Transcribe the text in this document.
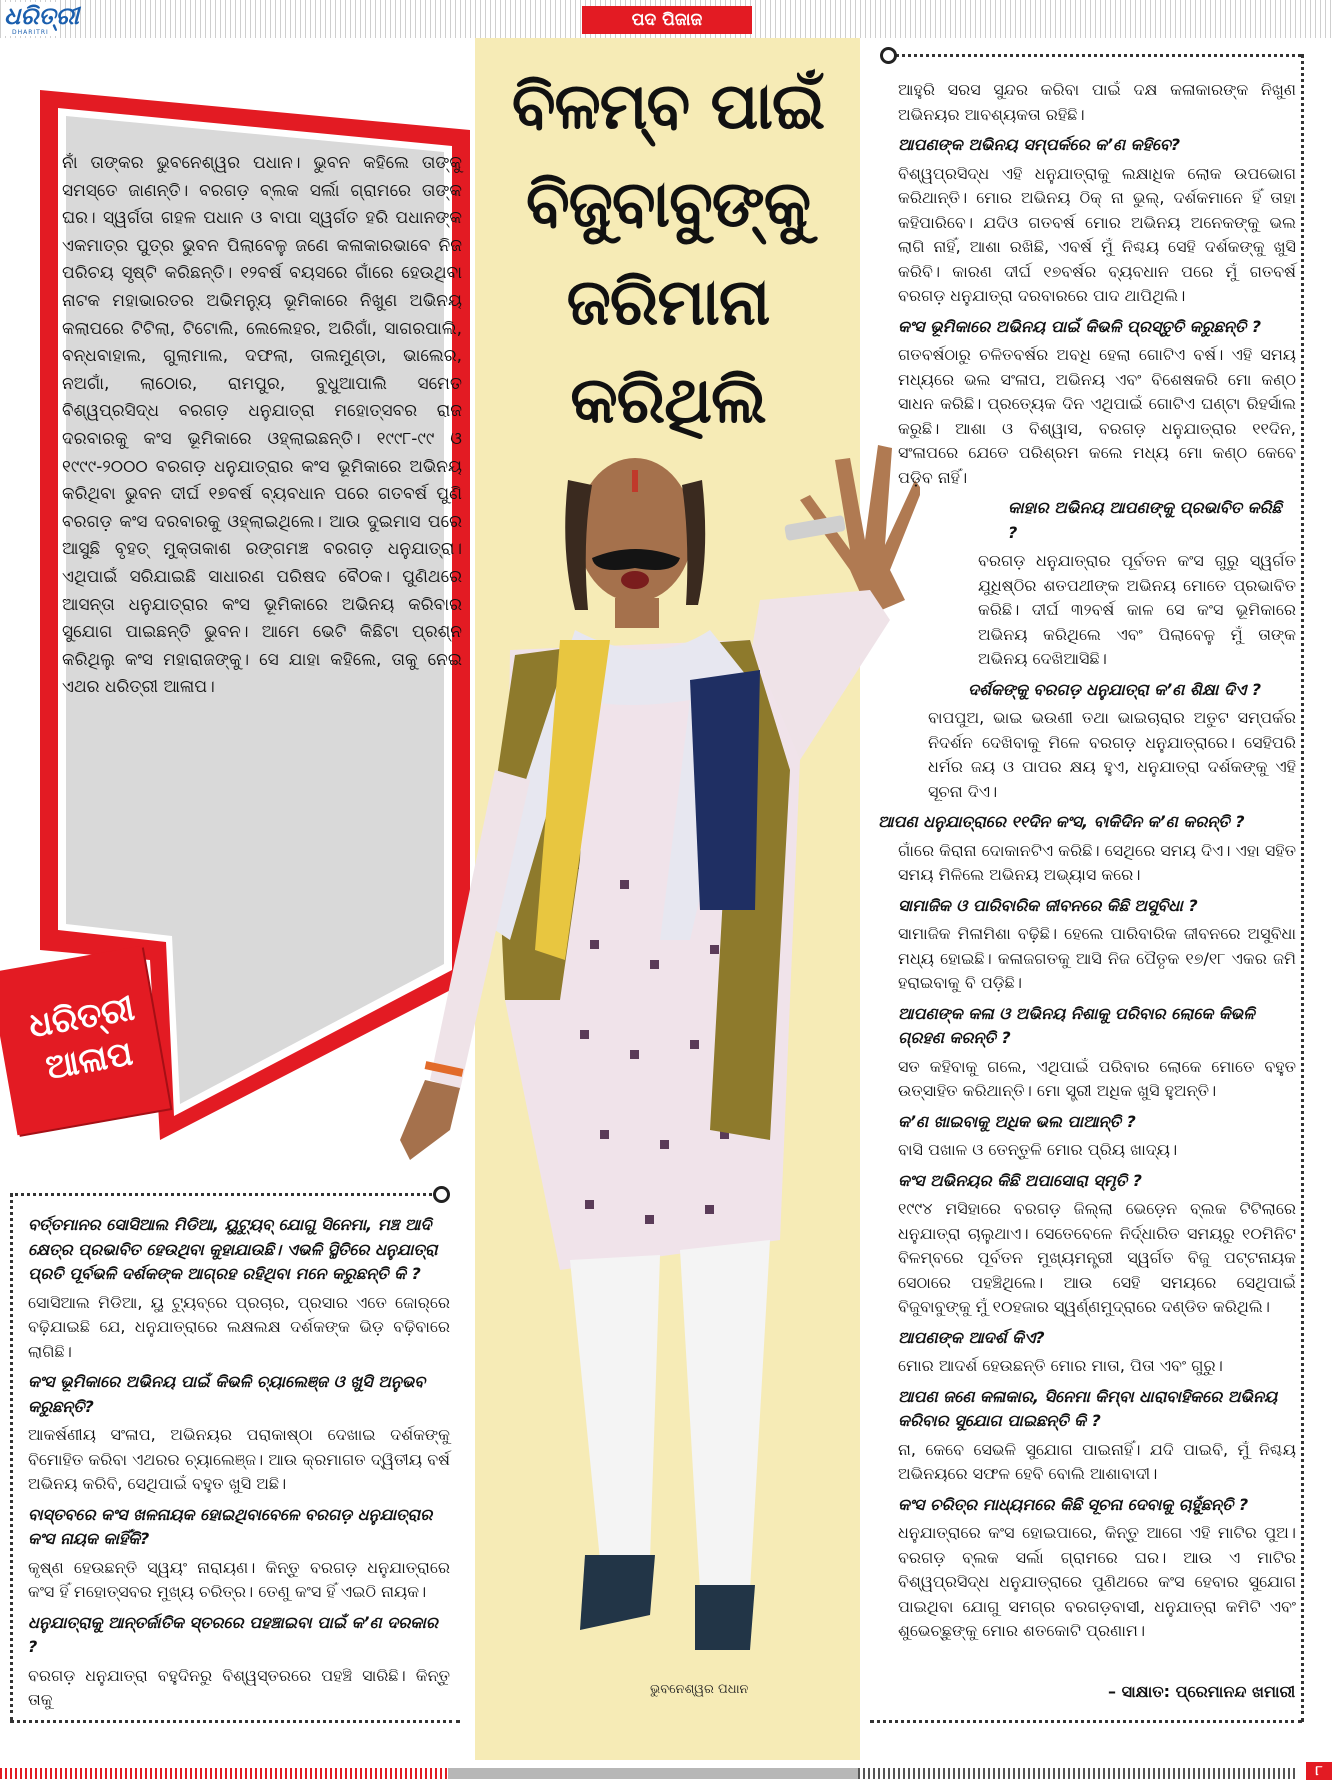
ଧରିତ୍ରୀ
DHARITRI
ପଦ ପିଜାଜ
ବିଳମ୍ବ ପାଇଁ
ବିଜୁବାବୁଙ୍କୁ
ଜରିମାନା
କରିଥିଲି

ନାଁ ତାଙ୍କର ଭୁବନେଶ୍ୱର ପଧାନ। ଭୁବନ କହିଲେ ତାଙ୍କୁ ସମସ୍ତେ ଜାଣନ୍ତି। ବରଗଡ଼ ବ୍ଲକ ସର୍ଲା ଗ୍ରାମରେ ତାଙ୍କ ଘର। ସ୍ୱର୍ଗତା ଗହଳ ପଧାନ ଓ ବାପା ସ୍ୱର୍ଗତ ହରି ପଧାନଙ୍କ ଏକମାତ୍ର ପୁତ୍ର ଭୁବନ ପିଲାବେଳୁ ଜଣେ କଳାକାରଭାବେ ନିଜ ପରିଚୟ ସୃଷ୍ଟି କରିଛନ୍ତି। ୧୨ବର୍ଷ ବୟସରେ ଗାଁରେ ହେଉଥିବା ନାଟକ ମହାଭାରତର ଅଭିମନ୍ୟୁ ଭୂମିକାରେ ନିଖୁଣ ଅଭିନୟ କଲାପରେ ଟିଟିଲା, ଟିଟୋଲି, ଲେଲେହର, ଅରିଗାଁ, ସାଗରପାଲି, ବନ୍ଧବାହାଲ, ଗୁଲାମାଲ, ଦଫଲା, ତାଲମୁଣ୍ଡା, ଭାଲେର, ନଅଗାଁ, ଲାଠୋର, ରାମପୁର, ବୁଧୁଆପାଲି ସମେତ ବିଶ୍ୱପ୍ରସିଦ୍ଧ ବରଗଡ଼ ଧନୁଯାତ୍ରା ମହୋତ୍ସବର ରାଜ ଦରବାରକୁ କଂସ ଭୂମିକାରେ ଓହ୍ଲାଇଛନ୍ତି। ୧୯୯୮-୯୯ ଓ ୧୯୯୯-୨୦୦୦ ବରଗଡ଼ ଧନୁଯାତ୍ରାର କଂସ ଭୂମିକାରେ ଅଭିନୟ କରିଥିବା ଭୁବନ ଦୀର୍ଘ ୧୭ବର୍ଷ ବ୍ୟବଧାନ ପରେ ଗତବର୍ଷ ପୁଣି ବରଗଡ଼ କଂସ ଦରବାରକୁ ଓହ୍ଲାଇଥିଲେ। ଆଉ ଦୁଇମାସ ପରେ ଆସୁଛି ବୃହତ୍ ମୁକ୍ତାକାଶ ରଙ୍ଗମଞ୍ଚ ବରଗଡ଼ ଧନୁଯାତ୍ରା। ଏଥିପାଇଁ ସରିଯାଇଛି ସାଧାରଣ ପରିଷଦ ବୈଠକ। ପୁଣିଥରେ ଆସନ୍ତା ଧନୁଯାତ୍ରାର କଂସ ଭୂମିକାରେ ଅଭିନୟ କରିବାର ସୁଯୋଗ ପାଇଛନ୍ତି ଭୁବନ। ଆମେ ଭେଟି କିଛିଟା ପ୍ରଶ୍ନ କରିଥିଲୁ କଂସ ମହାରାଜଙ୍କୁ। ସେ ଯାହା କହିଲେ, ତାକୁ ନେଇ ଏଥର ଧରିତ୍ରୀ ଆଳାପ।

ଭୁବନେଶ୍ୱର ପଧାନ
ଧରିତ୍ରୀ
ଆଳାପ
ଆହୁରି ସରସ ସୁନ୍ଦର କରିବା ପାଇଁ ଦକ୍ଷ କଳାକାରଙ୍କ ନିଖୁଣ ଅଭିନୟର ଆବଶ୍ୟକତା ରହିଛି।
ଆପଣଙ୍କ ଅଭିନୟ ସମ୍ପର୍କରେ କ’ଣ କହିବେ?
ବିଶ୍ୱପ୍ରସିଦ୍ଧ ଏହି ଧନୁଯାତ୍ରାକୁ ଲକ୍ଷାଧିକ ଲୋକ ଉପଭୋଗ କରିଥାନ୍ତି। ମୋର ଅଭିନୟ ଠିକ୍ ନା ଭୁଲ୍, ଦର୍ଶକମାନେ ହିଁ ତାହା କହିପାରିବେ। ଯଦିଓ ଗତବର୍ଷ ମୋର ଅଭିନୟ ଅନେକଙ୍କୁ ଭଲ ଲାଗି ନାହିଁ, ଆଶା ରଖିଛି, ଏବର୍ଷ ମୁଁ ନିଶ୍ଚୟ ସେହି ଦର୍ଶକଙ୍କୁ ଖୁସି କରିବି। କାରଣ ଦୀର୍ଘ ୧୭ବର୍ଷର ବ୍ୟବଧାନ ପରେ ମୁଁ ଗତବର୍ଷ ବରଗଡ଼ ଧନୁଯାତ୍ରା ଦରବାରରେ ପାଦ ଥାପିଥିଲି।
କଂସ ଭୂମିକାରେ ଅଭିନୟ ପାଇଁ କିଭଳି ପ୍ରସ୍ତୁତି କରୁଛନ୍ତି ?
ଗତବର୍ଷଠାରୁ ଚଳିତବର୍ଷର ଅବଧି ହେଲା ଗୋଟିଏ ବର୍ଷ। ଏହି ସମୟ ମଧ୍ୟରେ ଭଲ ସଂଳାପ, ଅଭିନୟ ଏବଂ ବିଶେଷକରି ମୋ କଣ୍ଠ ସାଧନ କରିଛି। ପ୍ରତ୍ୟେକ ଦିନ ଏଥିପାଇଁ ଗୋଟିଏ ଘଣ୍ଟା ରିହର୍ସାଲ କରୁଛି। ଆଶା ଓ ବିଶ୍ୱାସ, ବରଗଡ଼ ଧନୁଯାତ୍ରାର ୧୧ଦିନ, ସଂଳାପରେ ଯେତେ ପରିଶ୍ରମ କଲେ ମଧ୍ୟ ମୋ କଣ୍ଠ କେବେ ପଡ଼ିବ ନାହିଁ।
କାହାର ଅଭିନୟ ଆପଣଙ୍କୁ ପ୍ରଭାବିତ କରିଛି ?
ବରଗଡ଼ ଧନୁଯାତ୍ରାର ପୂର୍ବତନ କଂସ ଗୁରୁ ସ୍ୱର୍ଗତ ଯୁଧିଷ୍ଠିର ଶତପଥୀଙ୍କ ଅଭିନୟ ମୋତେ ପ୍ରଭାବିତ କରିଛି। ଦୀର୍ଘ ୩୨ବର୍ଷ କାଳ ସେ କଂସ ଭୂମିକାରେ ଅଭିନୟ କରିଥିଲେ ଏବଂ ପିଲାବେଳୁ ମୁଁ ତାଙ୍କ ଅଭିନୟ ଦେଖିଆସିଛି।
ଦର୍ଶକଙ୍କୁ ବରଗଡ଼ ଧନୁଯାତ୍ରା କ’ଣ ଶିକ୍ଷା ଦିଏ ?
ବାପପୁଅ, ଭାଇ ଭଉଣୀ ତଥା ଭାଇଚାରାର ଅତୁଟ ସମ୍ପର୍କର ନିଦର୍ଶନ ଦେଖିବାକୁ ମିଳେ ବରଗଡ଼ ଧନୁଯାତ୍ରାରେ। ସେହିପରି ଧର୍ମର ଜୟ ଓ ପାପର କ୍ଷୟ ହୁଏ, ଧନୁଯାତ୍ରା ଦର୍ଶକଙ୍କୁ ଏହି ସୂଚନା ଦିଏ।
ଆପଣ ଧନୁଯାତ୍ରାରେ ୧୧ଦିନ କଂସ, ବାକିଦିନ କ’ଣ କରନ୍ତି ?
ଗାଁରେ କିରାନା ଦୋକାନଟିଏ କରିଛି। ସେଥିରେ ସମୟ ଦିଏ। ଏହା ସହିତ ସମୟ ମିଳିଲେ ଅଭିନୟ ଅଭ୍ୟାସ କରେ।
ସାମାଜିକ ଓ ପାରିବାରିକ ଜୀବନରେ କିଛି ଅସୁବିଧା ?
ସାମାଜିକ ମିଳାମିଶା ବଢ଼ିଛି। ହେଲେ ପାରିବାରିକ ଜୀବନରେ ଅସୁବିଧା ମଧ୍ୟ ହୋଇଛି। କଳାଜଗତକୁ ଆସି ନିଜ ପୈତୃକ ୧୭/୧୮ ଏକର ଜମି ହରାଇବାକୁ ବି ପଡ଼ିଛି।
ଆପଣଙ୍କ କଳା ଓ ଅଭିନୟ ନିଶାକୁ ପରିବାର ଲୋକେ କିଭଳି ଗ୍ରହଣ କରନ୍ତି ?
ସତ କହିବାକୁ ଗଲେ, ଏଥିପାଇଁ ପରିବାର ଲୋକେ ମୋତେ ବହୁତ ଉତ୍ସାହିତ କରିଥାନ୍ତି। ମୋ ସ୍ତ୍ରୀ ଅଧିକ ଖୁସି ହୁଅନ୍ତି।
କ’ଣ ଖାଇବାକୁ ଅଧିକ ଭଲ ପାଆନ୍ତି ?
ବାସି ପଖାଳ ଓ ତେନ୍ତୁଳି ମୋର ପ୍ରିୟ ଖାଦ୍ୟ।
କଂସ ଅଭିନୟର କିଛି ଅପାସୋରା ସ୍ମୃତି ?
୧୯୯୪ ମସିହାରେ ବରଗଡ଼ ଜିଲ୍ଲା ଭେଡ଼େନ ବ୍ଲକ ଟିଟିଲାରେ ଧନୁଯାତ୍ରା ଚାଲୁଥାଏ। ସେତେବେଳେ ନିର୍ଦ୍ଧାରିତ ସମୟରୁ ୧୦ମିନିଟ ବିଳମ୍ବରେ ପୂର୍ବତନ ମୁଖ୍ୟମନ୍ତ୍ରୀ ସ୍ୱର୍ଗତ ବିଜୁ ପଟ୍ଟନାୟକ ସେଠାରେ ପହଞ୍ଚିଥିଲେ। ଆଉ ସେହି ସମୟରେ ସେଥିପାଇଁ ବିଜୁବାବୁଙ୍କୁ ମୁଁ ୧୦ହଜାର ସ୍ୱର୍ଣ୍ଣମୁଦ୍ରାରେ ଦଣ୍ଡିତ କରିଥିଲି।
ଆପଣଙ୍କ ଆଦର୍ଶ କିଏ?
ମୋର ଆଦର୍ଶ ହେଉଛନ୍ତି ମୋର ମାତା, ପିତା ଏବଂ ଗୁରୁ।
ଆପଣ ଜଣେ କଳାକାର, ସିନେମା କିମ୍ବା ଧାରାବାହିକରେ ଅଭିନୟ କରିବାର ସୁଯୋଗ ପାଇଛନ୍ତି କି ?
ନା, କେବେ ସେଭଳି ସୁଯୋଗ ପାଇନାହିଁ। ଯଦି ପାଇବି, ମୁଁ ନିଶ୍ଚୟ ଅଭିନୟରେ ସଫଳ ହେବି ବୋଲି ଆଶାବାଦୀ।
କଂସ ଚରିତ୍ର ମାଧ୍ୟମରେ କିଛି ସୂଚନା ଦେବାକୁ ଚାହୁଁଛନ୍ତି ?
ଧନୁଯାତ୍ରାରେ କଂସ ହୋଇପାରେ, କିନ୍ତୁ ଆଗେ ଏହି ମାଟିର ପୁଅ। ବରଗଡ଼ ବ୍ଲକ ସର୍ଲା ଗ୍ରାମରେ ଘର। ଆଉ ଏ ମାଟିର ବିଶ୍ୱପ୍ରସିଦ୍ଧ ଧନୁଯାତ୍ରାରେ ପୁଣିଥରେ କଂସ ହେବାର ସୁଯୋଗ ପାଇଥିବା ଯୋଗୁ ସମଗ୍ର ବରଗଡ଼ବାସୀ, ଧନୁଯାତ୍ରା କମିଟି ଏବଂ ଶୁଭେଚ୍ଛୁଙ୍କୁ ମୋର ଶତକୋଟି ପ୍ରଣାମ।
– ସାକ୍ଷାତ: ପ୍ରେମାନନ୍ଦ ଖମାରୀ
ବର୍ତ୍ତମାନର ସୋସିଆଲ ମିଡିଆ, ୟୁଟ୍ୟୁବ୍ ଯୋଗୁ ସିନେମା, ମଞ୍ଚ ଆଦି କ୍ଷେତ୍ର ପ୍ରଭାବିତ ହେଉଥିବା କୁହାଯାଉଛି। ଏଭଳି ସ୍ଥିତିରେ ଧନୁଯାତ୍ରା ପ୍ରତି ପୂର୍ବଭଳି ଦର୍ଶକଙ୍କ ଆଗ୍ରହ ରହିଥିବା ମନେ କରୁଛନ୍ତି କି ?
ସୋସିଆଲ ମିଡିଆ, ୟୁ ଟ୍ୟୁବ୍‌ରେ ପ୍ରଚାର, ପ୍ରସାର ଏତେ ଜୋର୍‌ରେ ବଢ଼ିଯାଇଛି ଯେ, ଧନୁଯାତ୍ରାରେ ଲକ୍ଷଲକ୍ଷ ଦର୍ଶକଙ୍କ ଭିଡ଼ ବଢ଼ିବାରେ ଲାଗିଛି।
କଂସ ଭୂମିକାରେ ଅଭିନୟ ପାଇଁ କିଭଳି ଚ୍ୟାଲେଞ୍ଜ ଓ ଖୁସି ଅନୁଭବ କରୁଛନ୍ତି?
ଆକର୍ଷଣୀୟ ସଂଳାପ, ଅଭିନୟର ପରାକାଷ୍ଠା ଦେଖାଇ ଦର୍ଶକଙ୍କୁ ବିମୋହିତ କରିବା ଏଥରର ଚ୍ୟାଲେଞ୍ଜ। ଆଉ କ୍ରମାଗତ ଦ୍ୱିତୀୟ ବର୍ଷ ଅଭିନୟ କରିବି, ସେଥିପାଇଁ ବହୁତ ଖୁସି ଅଛି।
ବାସ୍ତବରେ କଂସ ଖଳନାୟକ ହୋଇଥିବାବେଳେ ବରଗଡ଼ ଧନୁଯାତ୍ରାର କଂସ ନାୟକ କାହିଁକି?
କୃଷ୍ଣ ହେଉଛନ୍ତି ସ୍ୱୟଂ ନାରାୟଣ। କିନ୍ତୁ ବରଗଡ଼ ଧନୁଯାତ୍ରାରେ କଂସ ହିଁ ମହୋତ୍ସବର ମୁଖ୍ୟ ଚରିତ୍ର। ତେଣୁ କଂସ ହିଁ ଏଇଠି ନାୟକ।
ଧନୁଯାତ୍ରାକୁ ଆନ୍ତର୍ଜାତିକ ସ୍ତରରେ ପହଞ୍ଚାଇବା ପାଇଁ କ’ଣ ଦରକାର ?
ବରଗଡ଼ ଧନୁଯାତ୍ରା ବହୁଦିନରୁ ବିଶ୍ୱସ୍ତରରେ ପହଞ୍ଚି ସାରିଛି। କିନ୍ତୁ ତାକୁ
୮
